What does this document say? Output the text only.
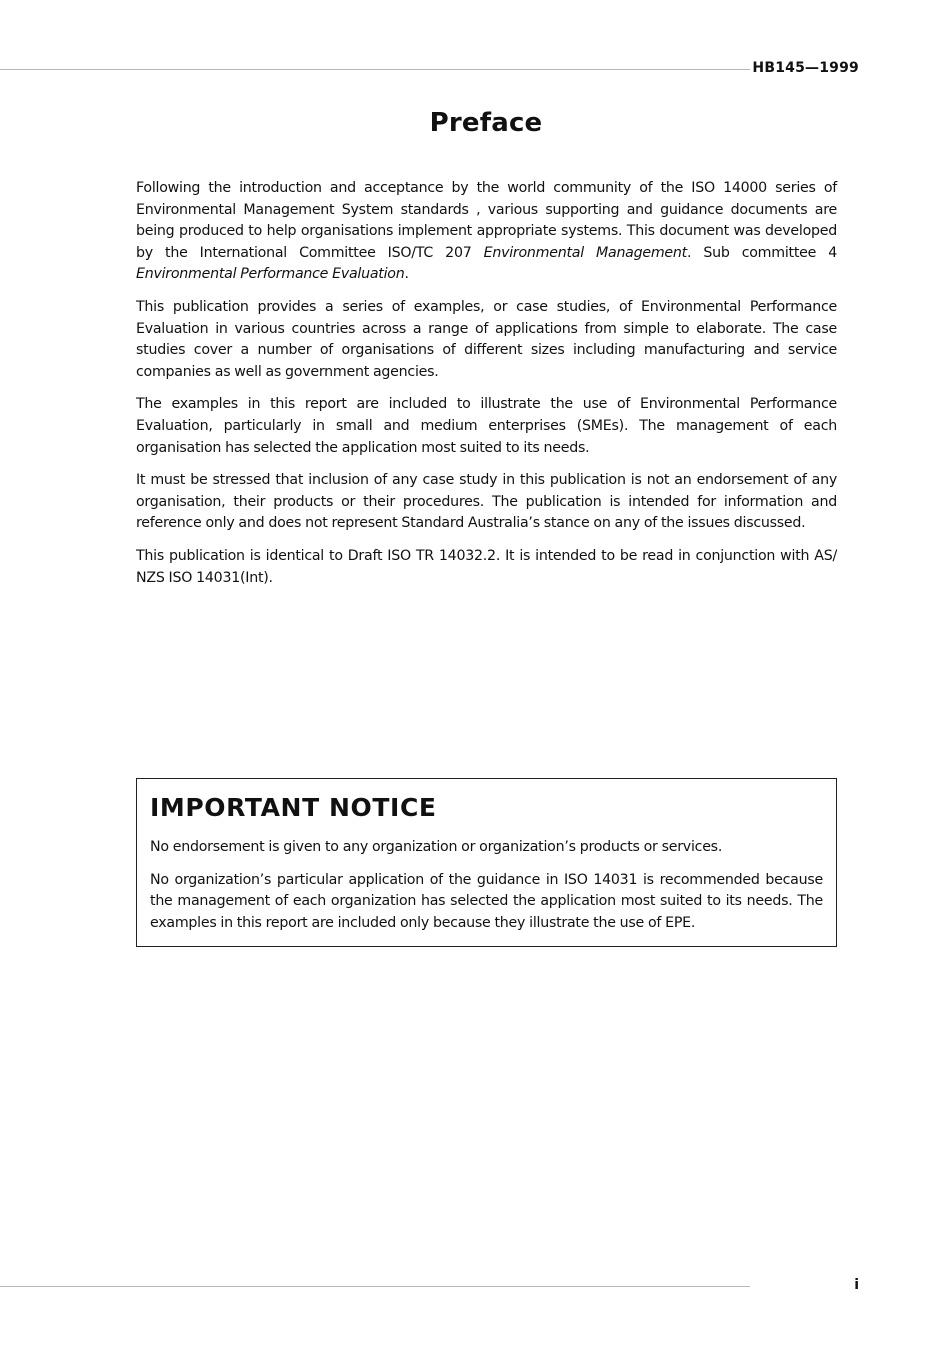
HB145—1999
Preface

Following the introduction and acceptance by the world community of the ISO 14000 series of Environmental Management System standards , various supporting and guidance documents are being produced to help organisations implement appropriate systems. This document was developed by the International Committee ISO/TC 207 Environmental Management. Sub committee 4 Environmental Performance Evaluation.

This publication provides a series of examples, or case studies, of Environmental Performance Evaluation in various countries across a range of applications from simple to elaborate. The case studies cover a number of organisations of different sizes including manufacturing and service companies as well as government agencies.

The examples in this report are included to illustrate the use of Environmental Performance Evaluation, particularly in small and medium enterprises (SMEs). The management of each organisation has selected the application most suited to its needs.

It must be stressed that inclusion of any case study in this publication is not an endorsement of any organisation, their products or their procedures. The publication is intended for information and reference only and does not represent Standard Australia’s stance on any of the issues discussed.

This publication is identical to Draft ISO TR 14032.2. It is intended to be read in conjunction with AS/ NZS ISO 14031(Int).

IMPORTANT NOTICE

No endorsement is given to any organization or organization’s products or services.

No organization’s particular application of the guidance in ISO 14031 is recommended because the management of each organization has selected the application most suited to its needs. The examples in this report are included only because they illustrate the use of EPE.

i
